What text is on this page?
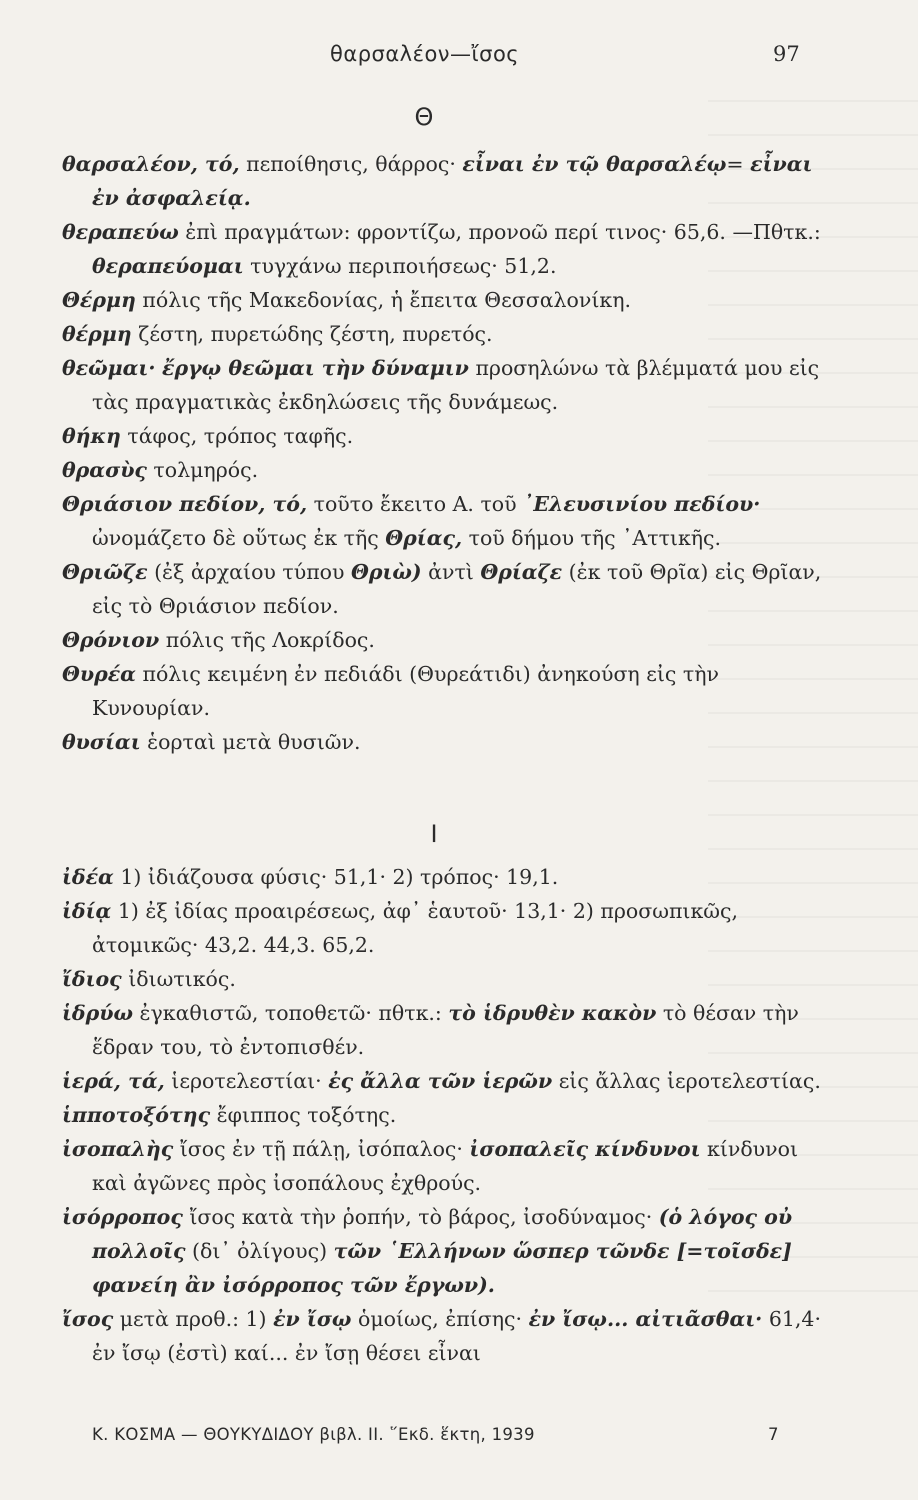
θαρσαλέον—ἴσος	97
Θ

θαρσαλέον, τό, πεποίθησις, θάρρος· εἶναι ἐν τῷ θαρσαλέῳ= εἶναι ἐν ἀσφαλείᾳ.

θεραπεύω ἐπὶ πραγμάτων: φροντίζω, προνοῶ περί τινος· 65,6. —Πθτκ.: θεραπεύομαι τυγχάνω περιποιήσεως· 51,2.

Θέρμη πόλις τῆς Μακεδονίας, ἡ ἔπειτα Θεσσαλονίκη.

θέρμη ζέστη, πυρετώδης ζέστη, πυρετός.

θεῶμαι· ἔργῳ θεῶμαι τὴν δύναμιν προσηλώνω τὰ βλέμματά μου εἰς τὰς πραγματικὰς ἐκδηλώσεις τῆς δυνάμεως.

θήκη τάφος, τρόπος ταφῆς.

θρασὺς τολμηρός.

Θριάσιον πεδίον, τό, τοῦτο ἔκειτο Α. τοῦ ᾿Ελευσινίου πεδίου· ὠνομάζετο δὲ οὕτως ἐκ τῆς Θρίας, τοῦ δήμου τῆς ᾿Αττικῆς.

Θριῶζε (ἐξ ἀρχαίου τύπου Θριὼ) ἀντὶ Θρίαζε (ἐκ τοῦ Θρῖα) εἰς Θρῖαν, εἰς τὸ Θριάσιον πεδίον.

Θρόνιον πόλις τῆς Λοκρίδος.

Θυρέα πόλις κειμένη ἐν πεδιάδι (Θυρεάτιδι) ἀνηκούση εἰς τὴν Κυνουρίαν.

θυσίαι ἑορταὶ μετὰ θυσιῶν.

Ι

ἰδέα 1) ἰδιάζουσα φύσις· 51,1· 2) τρόπος· 19,1.

ἰδίᾳ 1) ἐξ ἰδίας προαιρέσεως, ἀφ᾿ ἑαυτοῦ· 13,1· 2) προσωπικῶς, ἀτομικῶς· 43,2. 44,3. 65,2.

ἴδιος ἰδιωτικός.

ἱδρύω ἐγκαθιστῶ, τοποθετῶ· πθτκ.: τὸ ἱδρυθὲν κακὸν τὸ θέσαν τὴν ἕδραν του, τὸ ἐντοπισθέν.

ἱερά, τά, ἱεροτελεστίαι· ἐς ἄλλα τῶν ἱερῶν εἰς ἄλλας ἱεροτελεστίας.

ἱπποτοξότης ἔφιππος τοξότης.

ἰσοπαλὴς ἴσος ἐν τῇ πάλῃ, ἰσόπαλος· ἰσοπαλεῖς κίνδυνοι κίνδυνοι καὶ ἀγῶνες πρὸς ἰσοπάλους ἐχθρούς.

ἰσόρροπος ἴσος κατὰ τὴν ῥοπήν, τὸ βάρος, ἰσοδύναμος· (ὁ λόγος οὐ πολλοῖς (δι᾿ ὀλίγους) τῶν ῾Ελλήνων ὥσπερ τῶνδε [=τοῖσδε] φανείη ἂν ἰσόρροπος τῶν ἔργων).

ἴσος μετὰ προθ.: 1) ἐν ἴσῳ ὁμοίως, ἐπίσης· ἐν ἴσῳ... αἰτιᾶσθαι· 61,4· ἐν ἴσῳ (ἐστὶ) καί... ἐν ἴσῃ θέσει εἶναι

Κ. ΚΟΣΜΑ — ΘΟΥΚΥΔΙΔΟΥ βιβλ. ΙΙ. ῞Εκδ. ἕκτη, 1939	7
